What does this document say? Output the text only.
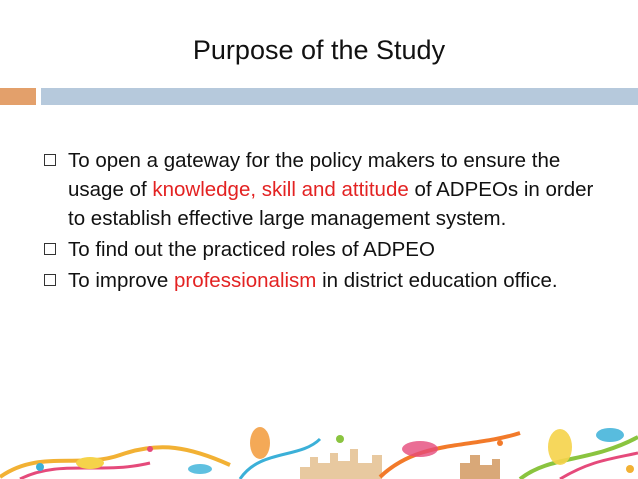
Purpose of the Study
To open a gateway for the policy makers to ensure the usage of knowledge, skill and attitude of ADPEOs in order to establish effective large management system.
To find out the practiced roles of ADPEO
To improve professionalism in district education office.
